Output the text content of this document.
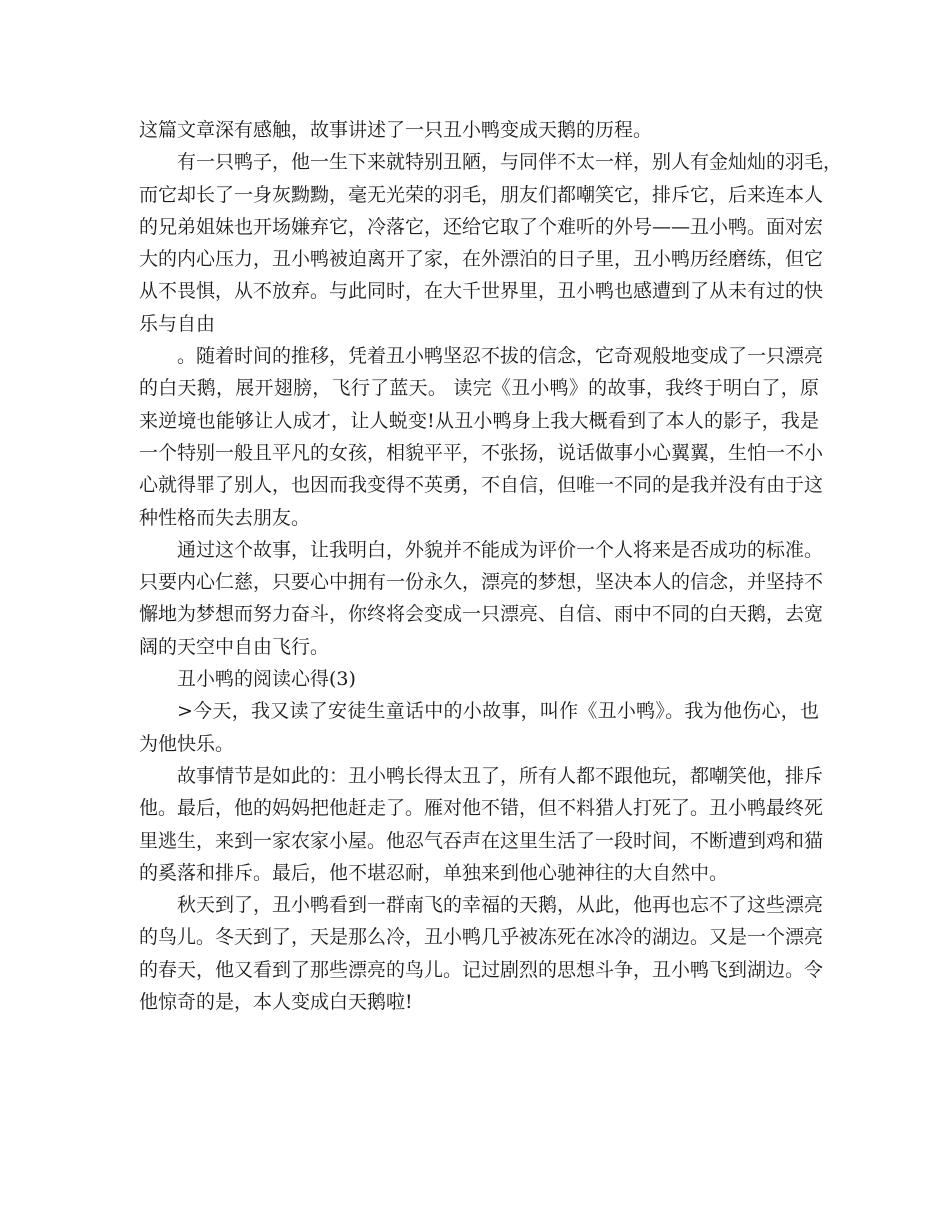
这篇文章深有感触，故事讲述了一只丑小鸭变成天鹅的历程。
有一只鸭子，他一生下来就特别丑陋，与同伴不太一样，别人有金灿灿的羽毛，
而它却长了一身灰黝黝，毫无光荣的羽毛，朋友们都嘲笑它，排斥它，后来连本人
的兄弟姐妹也开场嫌弃它，冷落它，还给它取了个难听的外号——丑小鸭。面对宏
大的内心压力，丑小鸭被迫离开了家，在外漂泊的日子里，丑小鸭历经磨练，但它
从不畏惧，从不放弃。与此同时，在大千世界里，丑小鸭也感遭到了从未有过的快
乐与自由
。随着时间的推移，凭着丑小鸭坚忍不拔的信念，它奇观般地变成了一只漂亮
的白天鹅，展开翅膀，飞行了蓝天。 读完《丑小鸭》的故事，我终于明白了，原
来逆境也能够让人成才，让人蜕变!从丑小鸭身上我大概看到了本人的影子，我是
一个特别一般且平凡的女孩，相貌平平，不张扬，说话做事小心翼翼，生怕一不小
心就得罪了别人，也因而我变得不英勇，不自信，但唯一不同的是我并没有由于这
种性格而失去朋友。
通过这个故事，让我明白，外貌并不能成为评价一个人将来是否成功的标准。
只要内心仁慈，只要心中拥有一份永久，漂亮的梦想，坚决本人的信念，并坚持不
懈地为梦想而努力奋斗，你终将会变成一只漂亮、自信、雨中不同的白天鹅，去宽
阔的天空中自由飞行。
丑小鸭的阅读心得(3)
>今天，我又读了安徒生童话中的小故事，叫作《丑小鸭》。我为他伤心，也
为他快乐。
故事情节是如此的：丑小鸭长得太丑了，所有人都不跟他玩，都嘲笑他，排斥
他。最后，他的妈妈把他赶走了。雁对他不错，但不料猎人打死了。丑小鸭最终死
里逃生，来到一家农家小屋。他忍气吞声在这里生活了一段时间，不断遭到鸡和猫
的奚落和排斥。最后，他不堪忍耐，单独来到他心驰神往的大自然中。
秋天到了，丑小鸭看到一群南飞的幸福的天鹅，从此，他再也忘不了这些漂亮
的鸟儿。冬天到了，天是那么冷，丑小鸭几乎被冻死在冰冷的湖边。又是一个漂亮
的春天，他又看到了那些漂亮的鸟儿。记过剧烈的思想斗争，丑小鸭飞到湖边。令
他惊奇的是，本人变成白天鹅啦!
